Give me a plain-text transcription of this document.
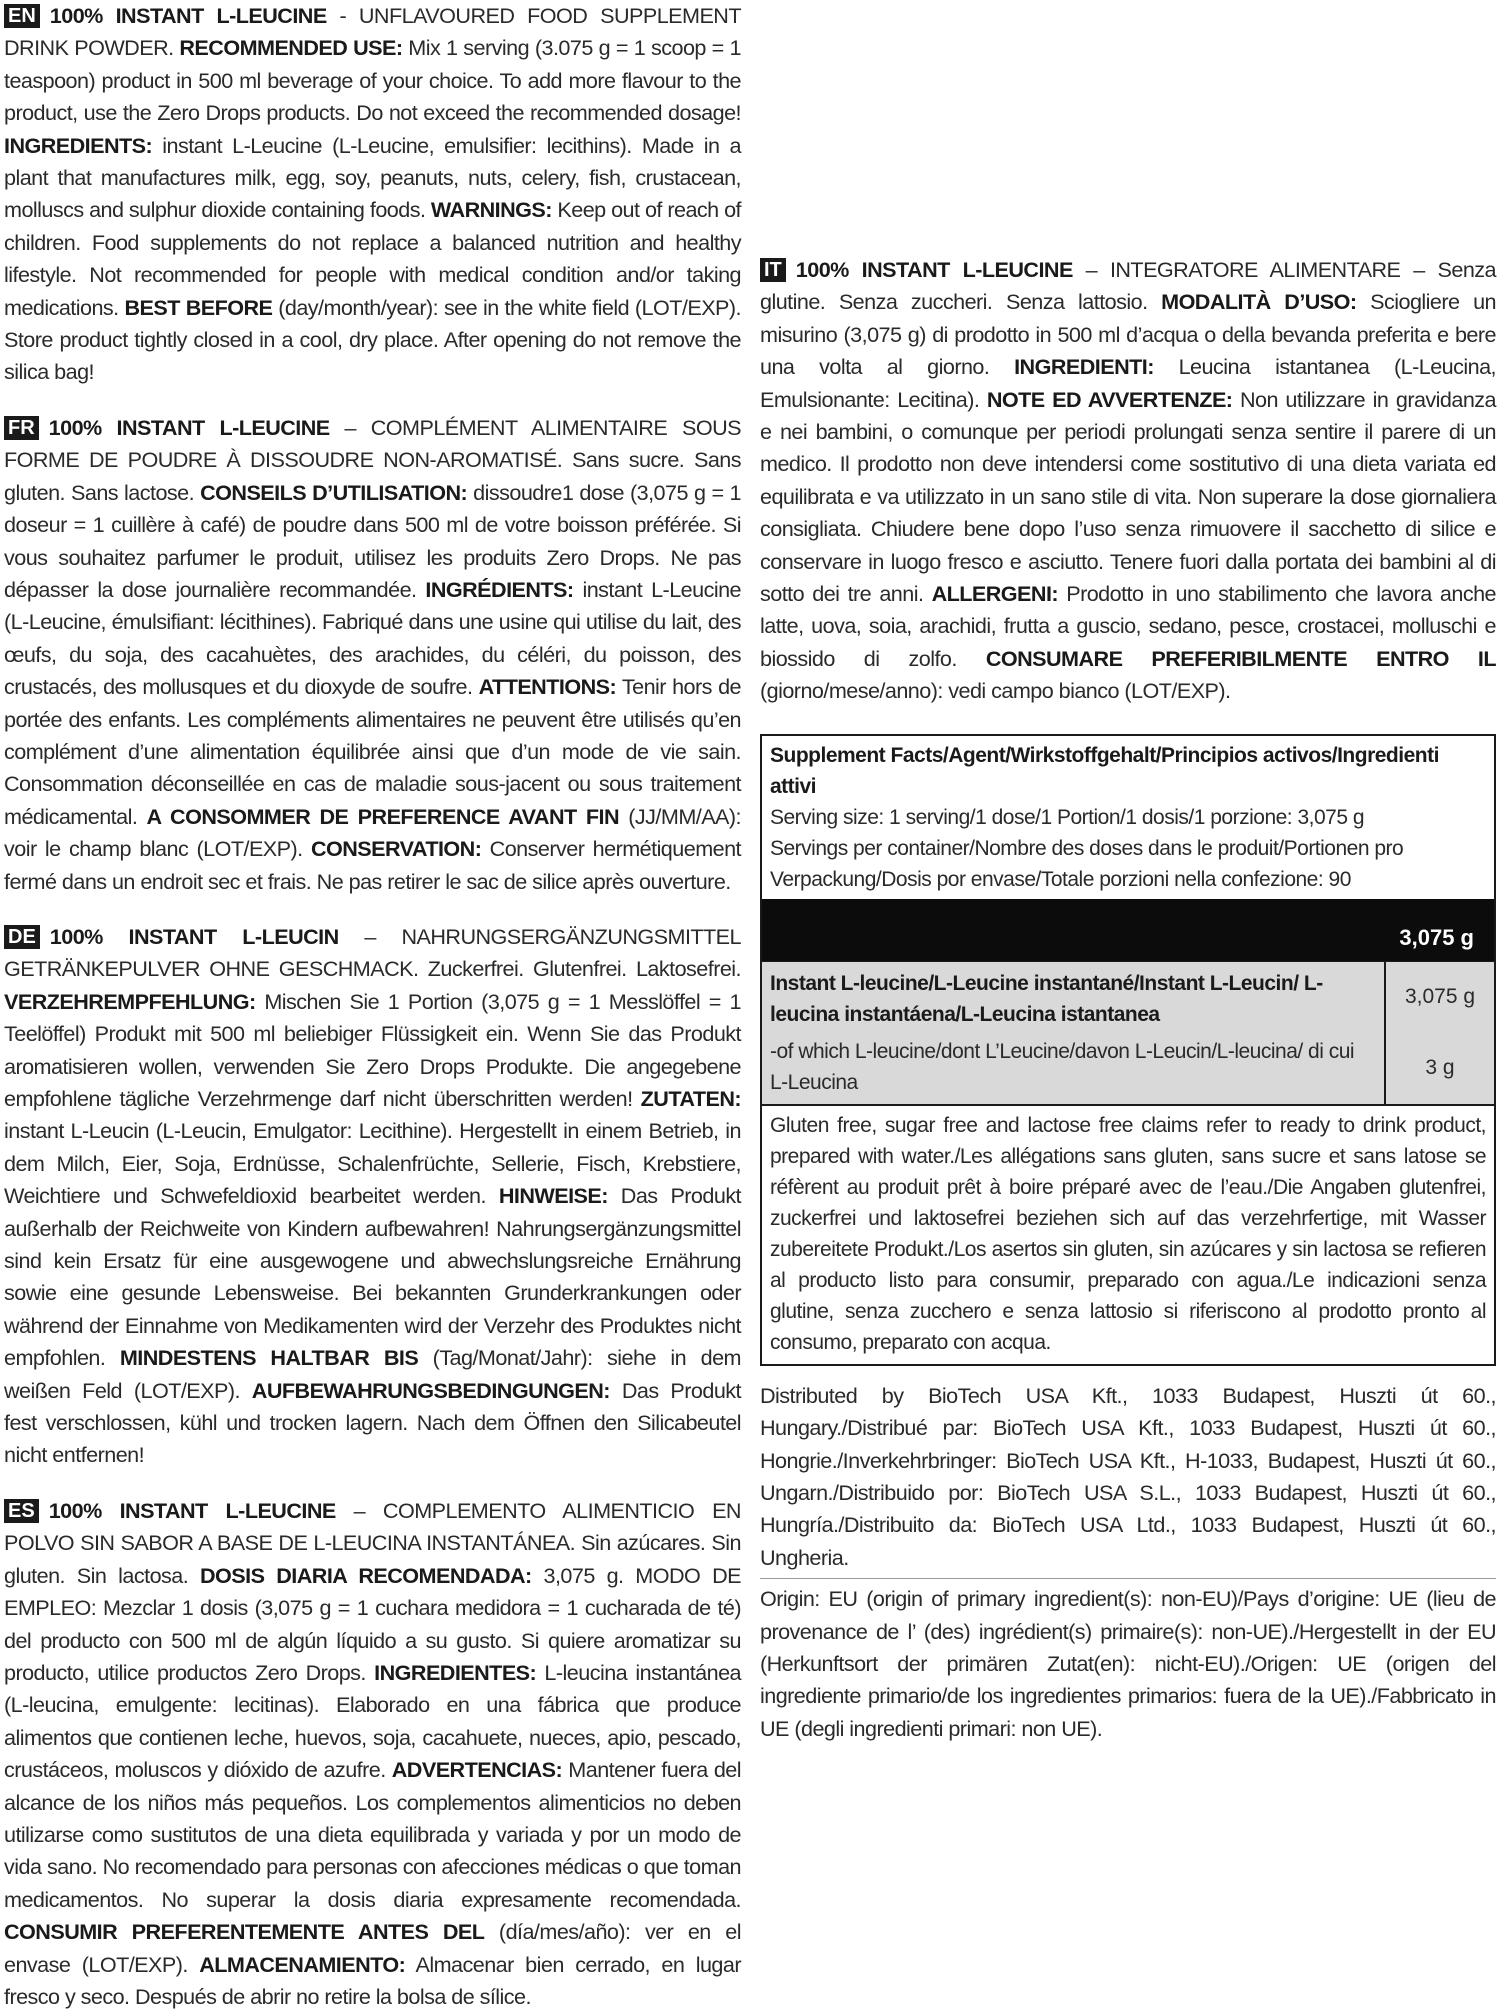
EN 100% INSTANT L-LEUCINE - UNFLAVOURED FOOD SUPPLEMENT DRINK POWDER. RECOMMENDED USE: Mix 1 serving (3.075 g = 1 scoop = 1 teaspoon) product in 500 ml beverage of your choice. To add more flavour to the product, use the Zero Drops products. Do not exceed the recommended dosage! INGREDIENTS: instant L-Leucine (L-Leucine, emulsifier: lecithins). Made in a plant that manufactures milk, egg, soy, peanuts, nuts, celery, fish, crustacean, molluscs and sulphur dioxide containing foods. WARNINGS: Keep out of reach of children. Food supplements do not replace a balanced nutrition and healthy lifestyle. Not recommended for people with medical condition and/or taking medications. BEST BEFORE (day/month/year): see in the white field (LOT/EXP). Store product tightly closed in a cool, dry place. After opening do not remove the silica bag!

FR 100% INSTANT L-LEUCINE – COMPLÉMENT ALIMENTAIRE SOUS FORME DE POUDRE À DISSOUDRE NON-AROMATISÉ. Sans sucre. Sans gluten. Sans lactose. CONSEILS D’UTILISATION: dissoudre1 dose (3,075 g = 1 doseur = 1 cuillère à café) de poudre dans 500 ml de votre boisson préférée. Si vous souhaitez parfumer le produit, utilisez les produits Zero Drops. Ne pas dépasser la dose journalière recommandée. INGRÉDIENTS: instant L-Leucine (L-Leucine, émulsifiant: lécithines). Fabriqué dans une usine qui utilise du lait, des œufs, du soja, des cacahuètes, des arachides, du céléri, du poisson, des crustacés, des mollusques et du dioxyde de soufre. ATTENTIONS: Tenir hors de portée des enfants. Les compléments alimentaires ne peuvent être utilisés qu’en complément d’une alimentation équilibrée ainsi que d’un mode de vie sain. Consommation déconseillée en cas de maladie sous-jacent ou sous traitement médicamental. A CONSOMMER DE PREFERENCE AVANT FIN (JJ/MM/AA): voir le champ blanc (LOT/EXP). CONSERVATION: Conserver hermétiquement fermé dans un endroit sec et frais. Ne pas retirer le sac de silice après ouverture.

DE 100% INSTANT L-LEUCIN – NAHRUNGSERGÄNZUNGSMITTEL GETRÄNKEPULVER OHNE GESCHMACK. Zuckerfrei. Glutenfrei. Laktosefrei. VERZEHREMPFEHLUNG: Mischen Sie 1 Portion (3,075 g = 1 Messlöffel = 1 Teelöffel) Produkt mit 500 ml beliebiger Flüssigkeit ein. Wenn Sie das Produkt aromatisieren wollen, verwenden Sie Zero Drops Produkte. Die angegebene empfohlene tägliche Verzehrmenge darf nicht überschritten werden! ZUTATEN: instant L-Leucin (L-Leucin, Emulgator: Lecithine). Hergestellt in einem Betrieb, in dem Milch, Eier, Soja, Erdnüsse, Schalenfrüchte, Sellerie, Fisch, Krebstiere, Weichtiere und Schwefeldioxid bearbeitet werden. HINWEISE: Das Produkt außerhalb der Reichweite von Kindern aufbewahren! Nahrungsergänzungsmittel sind kein Ersatz für eine ausgewogene und abwechslungsreiche Ernährung sowie eine gesunde Lebensweise. Bei bekannten Grunderkrankungen oder während der Einnahme von Medikamenten wird der Verzehr des Produktes nicht empfohlen. MINDESTENS HALTBAR BIS (Tag/Monat/Jahr): siehe in dem weißen Feld (LOT/EXP). AUFBEWAHRUNGSBEDINGUNGEN: Das Produkt fest verschlossen, kühl und trocken lagern. Nach dem Öffnen den Silicabeutel nicht entfernen!

ES 100% INSTANT L-LEUCINE – COMPLEMENTO ALIMENTICIO EN POLVO SIN SABOR A BASE DE L-LEUCINA INSTANTÁNEA. Sin azúcares. Sin gluten. Sin lactosa. DOSIS DIARIA RECOMENDADA: 3,075 g. MODO DE EMPLEO: Mezclar 1 dosis (3,075 g = 1 cuchara medidora = 1 cucharada de té) del producto con 500 ml de algún líquido a su gusto. Si quiere aromatizar su producto, utilice productos Zero Drops. INGREDIENTES: L-leucina instantánea (L-leucina, emulgente: lecitinas). Elaborado en una fábrica que produce alimentos que contienen leche, huevos, soja, cacahuete, nueces, apio, pescado, crustáceos, moluscos y dióxido de azufre. ADVERTENCIAS: Mantener fuera del alcance de los niños más pequeños. Los complementos alimenticios no deben utilizarse como sustitutos de una dieta equilibrada y variada y por un modo de vida sano. No recomendado para personas con afecciones médicas o que toman medicamentos. No superar la dosis diaria expresamente recomendada. CONSUMIR PREFERENTEMENTE ANTES DEL (día/mes/año): ver en el envase (LOT/EXP). ALMACENAMIENTO: Almacenar bien cerrado, en lugar fresco y seco. Después de abrir no retire la bolsa de sílice.

IT 100% INSTANT L-LEUCINE – INTEGRATORE ALIMENTARE – Senza glutine. Senza zuccheri. Senza lattosio. MODALITÀ D’USO: Sciogliere un misurino (3,075 g) di prodotto in 500 ml d’acqua o della bevanda preferita e bere una volta al giorno. INGREDIENTI: Leucina istantanea (L-Leucina, Emulsionante: Lecitina). NOTE ED AVVERTENZE: Non utilizzare in gravidanza e nei bambini, o comunque per periodi prolungati senza sentire il parere di un medico. Il prodotto non deve intendersi come sostitutivo di una dieta variata ed equilibrata e va utilizzato in un sano stile di vita. Non superare la dose giornaliera consigliata. Chiudere bene dopo l’uso senza rimuovere il sacchetto di silice e conservare in luogo fresco e asciutto. Tenere fuori dalla portata dei bambini al di sotto dei tre anni. ALLERGENI: Prodotto in uno stabilimento che lavora anche latte, uova, soia, arachidi, frutta a guscio, sedano, pesce, crostacei, molluschi e biossido di zolfo. CONSUMARE PREFERIBILMENTE ENTRO IL (giorno/mese/anno): vedi campo bianco (LOT/EXP).

Supplement Facts/Agent/Wirkstoffgehalt/Principios activos/Ingredienti attivi
Serving size: 1 serving/1 dose/1 Portion/1 dosis/1 porzione: 3,075 g
Servings per container/Nombre des doses dans le produit/Portionen pro Verpackung/Dosis por envase/Totale porzioni nella confezione: 90
3,075 g
Instant L-leucine/L-Leucine instantané/Instant L-Leucin/ L-leucina instantáena/L-Leucina istantanea
-of which L-leucine/dont L’Leucine/davon L-Leucin/L-leucina/ di cui L-Leucina
3,075 g
3 g
Gluten free, sugar free and lactose free claims refer to ready to drink product, prepared with water./Les allégations sans gluten, sans sucre et sans latose se réfèrent au produit prêt à boire préparé avec de l’eau./Die Angaben glutenfrei, zuckerfrei und laktosefrei beziehen sich auf das verzehrfertige, mit Wasser zubereitete Produkt./Los asertos sin gluten, sin azúcares y sin lactosa se refieren al producto listo para consumir, preparado con agua./Le indicazioni senza glutine, senza zucchero e senza lattosio si riferiscono al prodotto pronto al consumo, preparato con acqua.

Distributed by BioTech USA Kft., 1033 Budapest, Huszti út 60., Hungary./Distribué par: BioTech USA Kft., 1033 Budapest, Huszti út 60., Hongrie./Inverkehrbringer: BioTech USA Kft., H-1033, Budapest, Huszti út 60., Ungarn./Distribuido por: BioTech USA S.L., 1033 Budapest, Huszti út 60., Hungría./Distribuito da: BioTech USA Ltd., 1033 Budapest, Huszti út 60., Ungheria.

Origin: EU (origin of primary ingredient(s): non-EU)/Pays d’origine: UE (lieu de provenance de l’ (des) ingrédient(s) primaire(s): non-UE)./Hergestellt in der EU (Herkunftsort der primären Zutat(en): nicht-EU)./Origen: UE (origen del ingrediente primario/de los ingredientes primarios: fuera de la UE)./Fabbricato in UE (degli ingredienti primari: non UE).
